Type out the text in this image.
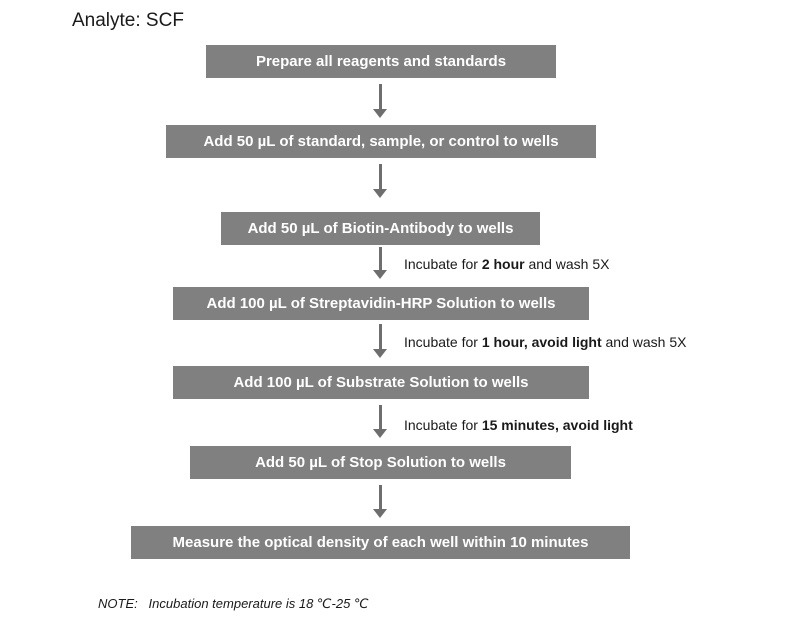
Analyte: SCF
Prepare all reagents and standards
Add 50 µL of standard, sample, or control to wells
Add 50 µL of Biotin-Antibody to wells
Add 100 µL of Streptavidin-HRP Solution to wells
Add 100 µL of Substrate Solution to wells
Add 50 µL of Stop Solution to wells
Measure the optical density of each well within 10 minutes
Incubate for 2 hour and wash 5X
Incubate for 1 hour, avoid light and wash 5X
Incubate for 15 minutes, avoid light
NOTE:   Incubation temperature is 18 ℃-25 ℃
